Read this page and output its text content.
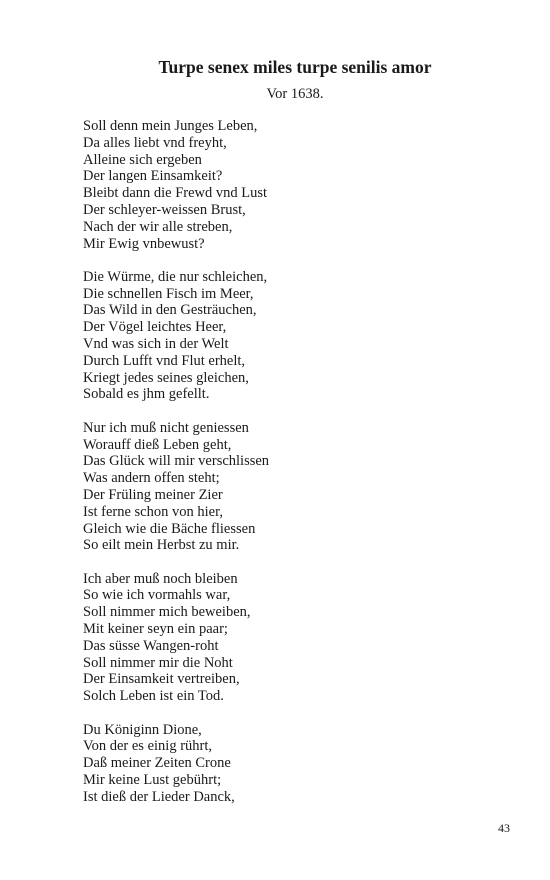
Turpe senex miles turpe senilis amor
Vor 1638.
Soll denn mein Junges Leben,
Da alles liebt vnd freyht,
Alleine sich ergeben
Der langen Einsamkeit?
Bleibt dann die Frewd vnd Lust
Der schleyer-weissen Brust,
Nach der wir alle streben,
Mir Ewig vnbewust?
Die Würme, die nur schleichen,
Die schnellen Fisch im Meer,
Das Wild in den Gesträuchen,
Der Vögel leichtes Heer,
Vnd was sich in der Welt
Durch Lufft vnd Flut erhelt,
Kriegt jedes seines gleichen,
Sobald es jhm gefellt.
Nur ich muß nicht geniessen
Worauff dieß Leben geht,
Das Glück will mir verschlissen
Was andern offen steht;
Der Früling meiner Zier
Ist ferne schon von hier,
Gleich wie die Bäche fliessen
So eilt mein Herbst zu mir.
Ich aber muß noch bleiben
So wie ich vormahls war,
Soll nimmer mich beweiben,
Mit keiner seyn ein paar;
Das süsse Wangen-roht
Soll nimmer mir die Noht
Der Einsamkeit vertreiben,
Solch Leben ist ein Tod.
Du Königinn Dione,
Von der es einig rührt,
Daß meiner Zeiten Crone
Mir keine Lust gebührt;
Ist dieß der Lieder Danck,
43
